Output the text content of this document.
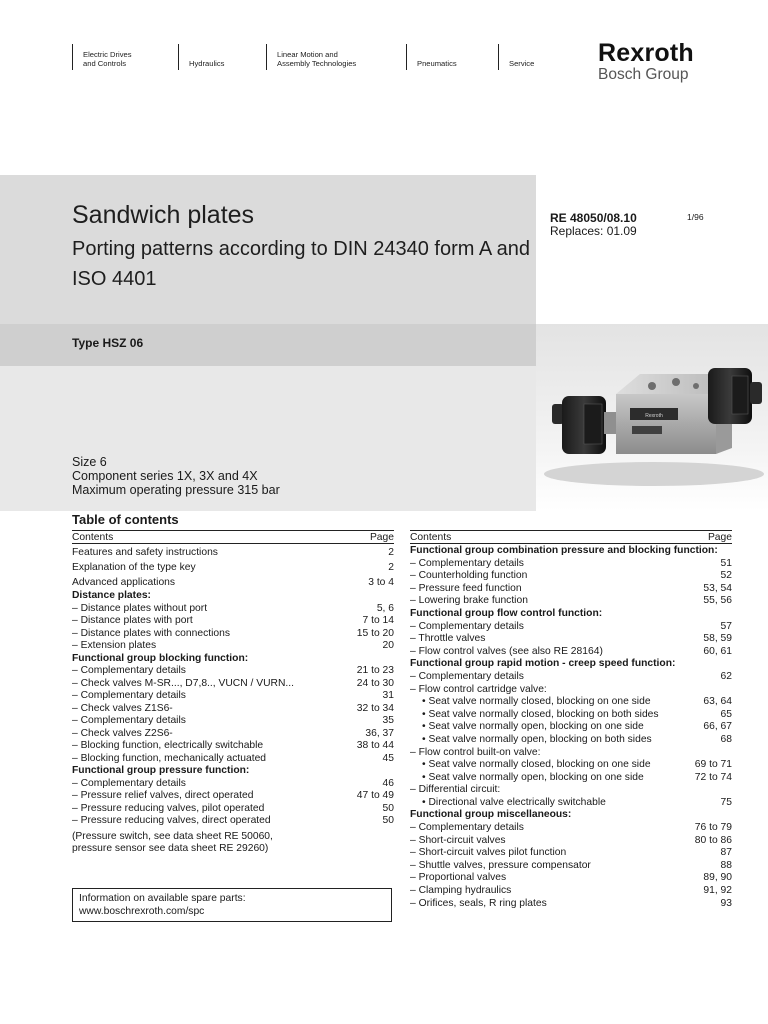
Electric Drives
and Controls	Hydraulics
Linear Motion and
Assembly Technologies	Pneumatics	Service	Rexroth
Bosch Group
Sandwich plates
Porting patterns according to DIN 24340 form A and ISO 4401
Type HSZ 06
RE 48050/08.10
Replaces: 01.09
1/96
Size 6
Component series 1X, 3X and 4X
Maximum operating pressure 315 bar
Rexroth
Table of contents
Contents	Page
Features and safety instructions	2
Explanation of the type key	2
Advanced applications	3 to 4
Distance plates:
– Distance plates without port	5, 6
– Distance plates with port	7 to 14
– Distance plates with connections	15 to 20
– Extension plates	20
Functional group blocking function:
– Complementary details	21 to 23
– Check valves M-SR..., D7,8.., VUCN / VURN...	24 to 30
– Complementary details	31
– Check valves Z1S6-	32 to 34
– Complementary details	35
– Check valves Z2S6-	36, 37
– Blocking function, electrically switchable	38 to 44
– Blocking function, mechanically actuated	45
Functional group pressure function:
– Complementary details	46
– Pressure relief valves, direct operated	47 to 49
– Pressure reducing valves, pilot operated	50
– Pressure reducing valves, direct operated	50
(Pressure switch, see data sheet RE 50060,
pressure sensor see data sheet RE 29260)
Contents	Page
Functional group combination pressure and blocking function:
– Complementary details	51
– Counterholding function	52
– Pressure feed function	53, 54
– Lowering brake function	55, 56
Functional group flow control function:
– Complementary details	57
– Throttle valves	58, 59
– Flow control valves (see also RE 28164)	60, 61
Functional group rapid motion - creep speed function:
– Complementary details	62
– Flow control cartridge valve:
• Seat valve normally closed, blocking on one side	63, 64
• Seat valve normally closed, blocking on both sides	65
• Seat valve normally open, blocking on one side	66, 67
• Seat valve normally open, blocking on both sides	68
– Flow control built-on valve:
• Seat valve normally closed, blocking on one side	69 to 71
• Seat valve normally open, blocking on one side	72 to 74
– Differential circuit:
• Directional valve electrically switchable	75
Functional group miscellaneous:
– Complementary details	76 to 79
– Short-circuit valves	80 to 86
– Short-circuit valves pilot function	87
– Shuttle valves, pressure compensator	88
– Proportional valves	89, 90
– Clamping hydraulics	91, 92
– Orifices, seals, R ring plates	93
Information on available spare parts:
www.boschrexroth.com/spc
